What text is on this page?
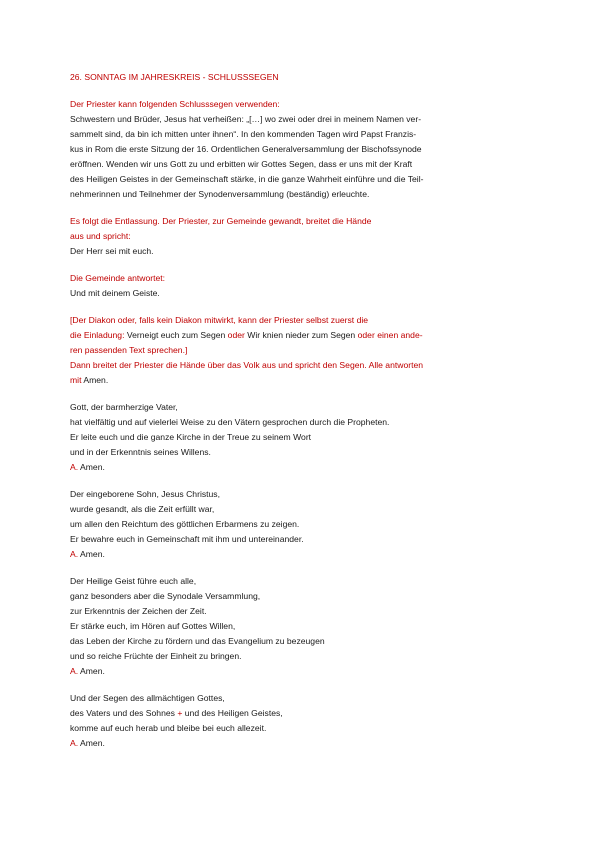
26. SONNTAG IM JAHRESKREIS - SCHLUSSSEGEN

Der Priester kann folgenden Schlusssegen verwenden:
Schwestern und Brüder, Jesus hat verheißen: „[…] wo zwei oder drei in meinem Namen ver-
sammelt sind, da bin ich mitten unter ihnen“. In den kommenden Tagen wird Papst Franzis-
kus in Rom die erste Sitzung der 16. Ordentlichen Generalversammlung der Bischofssynode
eröffnen. Wenden wir uns Gott zu und erbitten wir Gottes Segen, dass er uns mit der Kraft
des Heiligen Geistes in der Gemeinschaft stärke, in die ganze Wahrheit einführe und die Teil-
nehmerinnen und Teilnehmer der Synodenversammlung (beständig) erleuchte.
Es folgt die Entlassung. Der Priester, zur Gemeinde gewandt, breitet die Hände
aus und spricht:
Der Herr sei mit euch.
Die Gemeinde antwortet:
Und mit deinem Geiste.
[Der Diakon oder, falls kein Diakon mitwirkt, kann der Priester selbst zuerst die
die Einladung: Verneigt euch zum Segen oder Wir knien nieder zum Segen oder einen ande-
ren passenden Text sprechen.]
Dann breitet der Priester die Hände über das Volk aus und spricht den Segen. Alle antworten
mit Amen.
Gott, der barmherzige Vater,
hat vielfältig und auf vielerlei Weise zu den Vätern gesprochen durch die Propheten.
Er leite euch und die ganze Kirche in der Treue zu seinem Wort
und in der Erkenntnis seines Willens.
A. Amen.
Der eingeborene Sohn, Jesus Christus,
wurde gesandt, als die Zeit erfüllt war,
um allen den Reichtum des göttlichen Erbarmens zu zeigen.
Er bewahre euch in Gemeinschaft mit ihm und untereinander.
A. Amen.
Der Heilige Geist führe euch alle,
ganz besonders aber die Synodale Versammlung,
zur Erkenntnis der Zeichen der Zeit.
Er stärke euch, im Hören auf Gottes Willen,
das Leben der Kirche zu fördern und das Evangelium zu bezeugen
und so reiche Früchte der Einheit zu bringen.
A. Amen.
Und der Segen des allmächtigen Gottes,
des Vaters und des Sohnes + und des Heiligen Geistes,
komme auf euch herab und bleibe bei euch allezeit.
A. Amen.
